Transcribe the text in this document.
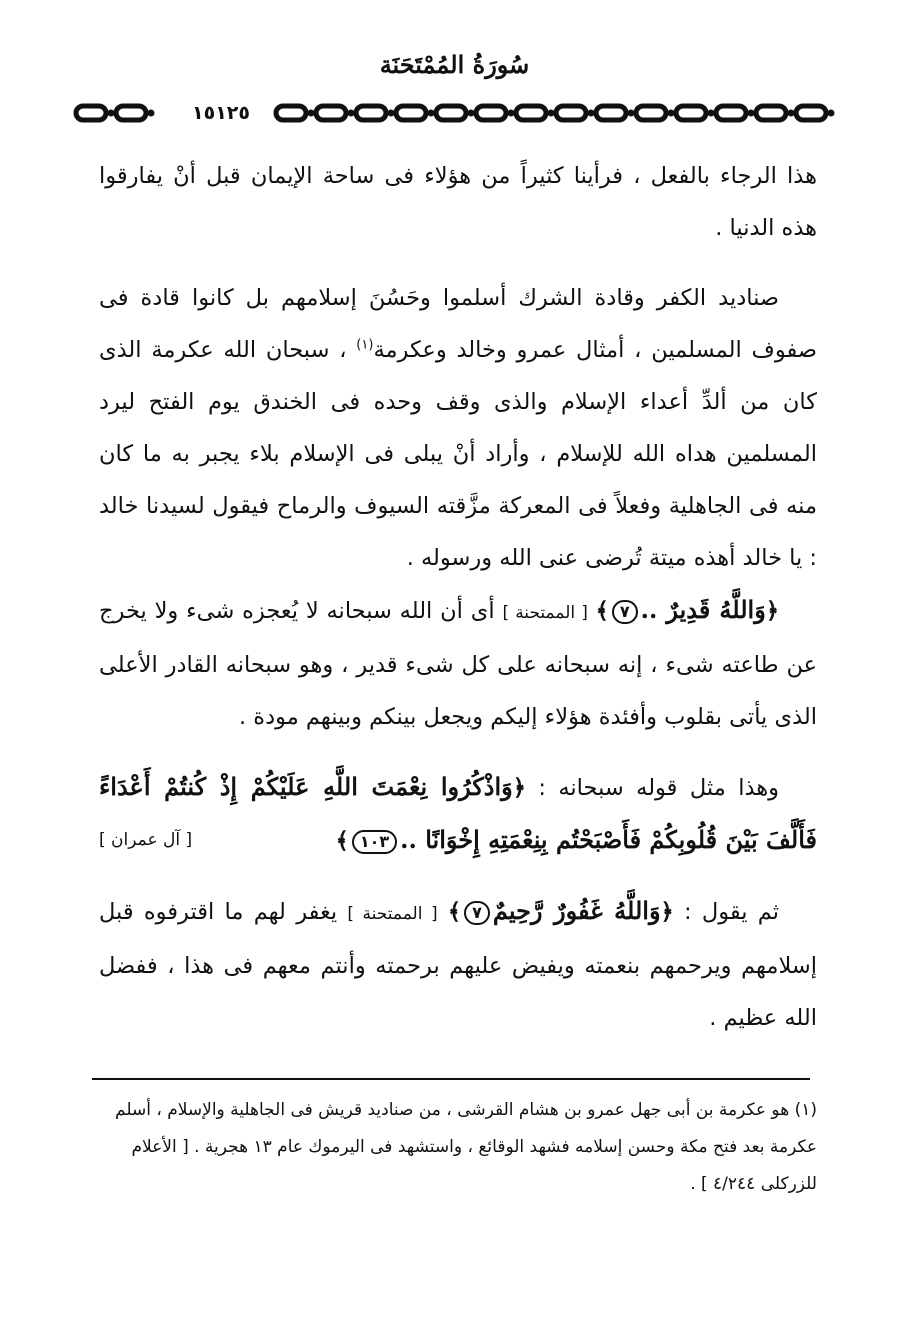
سُورَةُ المُمْتَحَنَة
١٥١٢٥

هذا الرجاء بالفعل ، فرأينا كثيراً من هؤلاء فى ساحة الإيمان قبل أنْ يفارقوا هذه الدنيا .

صناديد الكفر وقادة الشرك أسلموا وحَسُنَ إسلامهم بل كانوا قادة فى صفوف المسلمين ، أمثال عمرو وخالد وعكرمة$^{(١)}$ ، سبحان الله عكرمة الذى كان من ألدِّ أعداء الإسلام والذى وقف وحده فى الخندق يوم الفتح ليرد المسلمين هداه الله للإسلام ، وأراد أنْ يبلى فى الإسلام بلاء يجبر به ما كان منه فى الجاهلية وفعلاً فى المعركة مزَّقته السيوف والرماح فيقول لسيدنا خالد : يا خالد أهذه ميتة تُرضى عنى الله ورسوله .

﴿وَاللَّهُ قَدِيرٌ ..٧﴾ [ الممتحنة ] أى أن الله سبحانه لا يُعجزه شىء ولا يخرج عن طاعته شىء ، إنه سبحانه على كل شىء قدير ، وهو سبحانه القادر الأعلى الذى يأتى بقلوب وأفئدة هؤلاء إليكم ويجعل بينكم وبينهم مودة .

وهذا مثل قوله سبحانه : ﴿وَاذْكُرُوا نِعْمَتَ اللَّهِ عَلَيْكُمْ إِذْ كُنتُمْ أَعْدَاءً فَأَلَّفَ بَيْنَ قُلُوبِكُمْ فَأَصْبَحْتُم بِنِعْمَتِهِ إِخْوَانًا ..١٠٣﴾
[ آل عمران ]

ثم يقول : ﴿وَاللَّهُ غَفُورٌ رَّحِيمٌ٧﴾ [ الممتحنة ] يغفر لهم ما اقترفوه قبل إسلامهم ويرحمهم بنعمته ويفيض عليهم برحمته وأنتم معهم فى هذا ، ففضل الله عظيم .

(١) هو عكرمة بن أبى جهل عمرو بن هشام القرشى ، من صناديد قريش فى الجاهلية والإسلام ، أسلم عكرمة بعد فتح مكة وحسن إسلامه فشهد الوقائع ، واستشهد فى اليرموك عام ١٣ هجرية . [ الأعلام للزركلى ٤/٢٤٤ ] .
